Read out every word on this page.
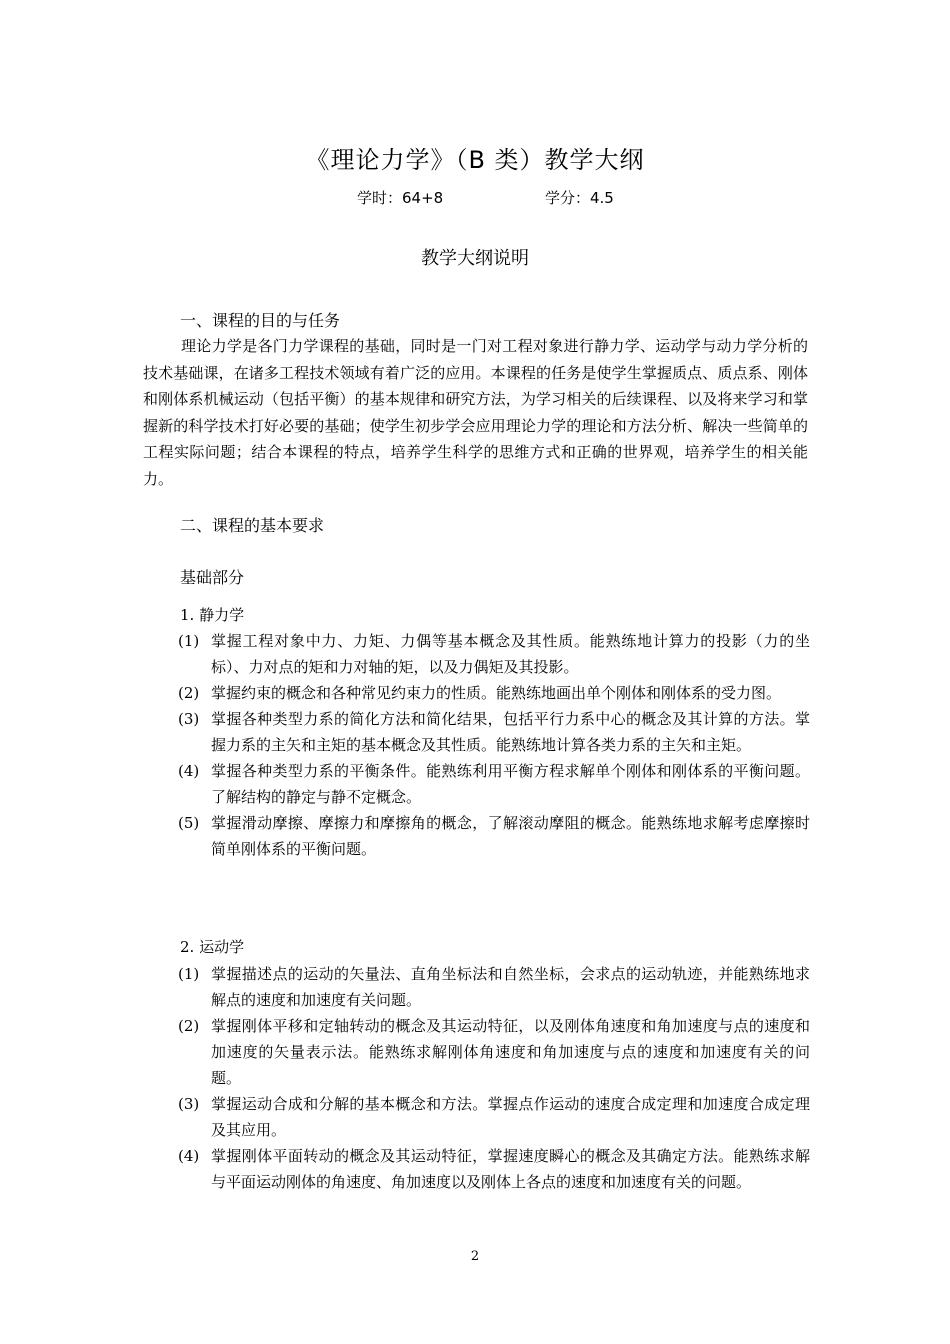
《理论力学》（B 类）教学大纲
学时：64+8	学分：4.5
教学大纲说明
一、课程的目的与任务

理论力学是各门力学课程的基础，同时是一门对工程对象进行静力学、运动学与动力学分析的技术基础课，在诸多工程技术领域有着广泛的应用。本课程的任务是使学生掌握质点、质点系、刚体和刚体系机械运动（包括平衡）的基本规律和研究方法，为学习相关的后续课程、以及将来学习和掌握新的科学技术打好必要的基础；使学生初步学会应用理论力学的理论和方法分析、解决一些简单的工程实际问题；结合本课程的特点，培养学生科学的思维方式和正确的世界观，培养学生的相关能力。

二、课程的基本要求
基础部分
1. 静力学
(1) 掌握工程对象中力、力矩、力偶等基本概念及其性质。能熟练地计算力的投影（力的坐标）、力对点的矩和力对轴的矩，以及力偶矩及其投影。
(2) 掌握约束的概念和各种常见约束力的性质。能熟练地画出单个刚体和刚体系的受力图。
(3) 掌握各种类型力系的简化方法和简化结果，包括平行力系中心的概念及其计算的方法。掌握力系的主矢和主矩的基本概念及其性质。能熟练地计算各类力系的主矢和主矩。
(4) 掌握各种类型力系的平衡条件。能熟练利用平衡方程求解单个刚体和刚体系的平衡问题。了解结构的静定与静不定概念。
(5) 掌握滑动摩擦、摩擦力和摩擦角的概念，了解滚动摩阻的概念。能熟练地求解考虑摩擦时简单刚体系的平衡问题。
2. 运动学
(1) 掌握描述点的运动的矢量法、直角坐标法和自然坐标，会求点的运动轨迹，并能熟练地求解点的速度和加速度有关问题。
(2) 掌握刚体平移和定轴转动的概念及其运动特征，以及刚体角速度和角加速度与点的速度和加速度的矢量表示法。能熟练求解刚体角速度和角加速度与点的速度和加速度有关的问题。
(3) 掌握运动合成和分解的基本概念和方法。掌握点作运动的速度合成定理和加速度合成定理及其应用。
(4) 掌握刚体平面转动的概念及其运动特征，掌握速度瞬心的概念及其确定方法。能熟练求解与平面运动刚体的角速度、角加速度以及刚体上各点的速度和加速度有关的问题。
2
